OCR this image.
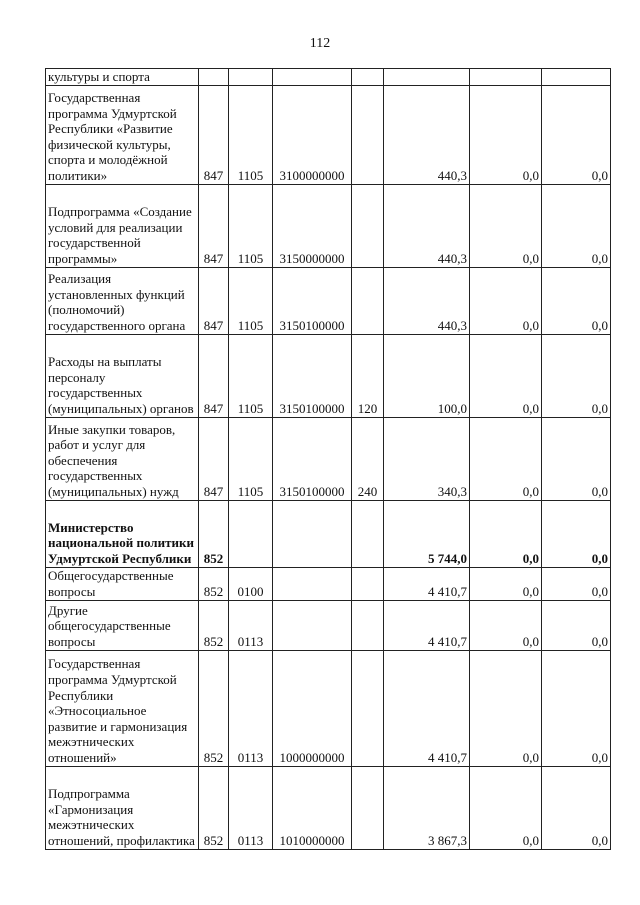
112
культуры и спорта							
Государственная программа Удмуртской Республики «Развитие физической культуры, спорта и молодёжной политики»	847	1105	3100000000		440,3	0,0	0,0
Подпрограмма «Создание условий для реализации государственной программы»	847	1105	3150000000		440,3	0,0	0,0
Реализация установленных функций (полномочий) государственного органа	847	1105	3150100000		440,3	0,0	0,0
Расходы на выплаты персоналу государственных (муниципальных) органов	847	1105	3150100000	120	100,0	0,0	0,0
Иные закупки товаров, работ и услуг для обеспечения государственных (муниципальных) нужд	847	1105	3150100000	240	340,3	0,0	0,0
Министерство национальной политики Удмуртской Республики	852				5 744,0	0,0	0,0
Общегосударственные вопросы	852	0100			4 410,7	0,0	0,0
Другие общегосударственные вопросы	852	0113			4 410,7	0,0	0,0
Государственная программа Удмуртской Республики «Этносоциальное развитие и гармонизация межэтнических отношений»	852	0113	1000000000		4 410,7	0,0	0,0
Подпрограмма «Гармонизация межэтнических отношений, профилактика	852	0113	1010000000		3 867,3	0,0	0,0
